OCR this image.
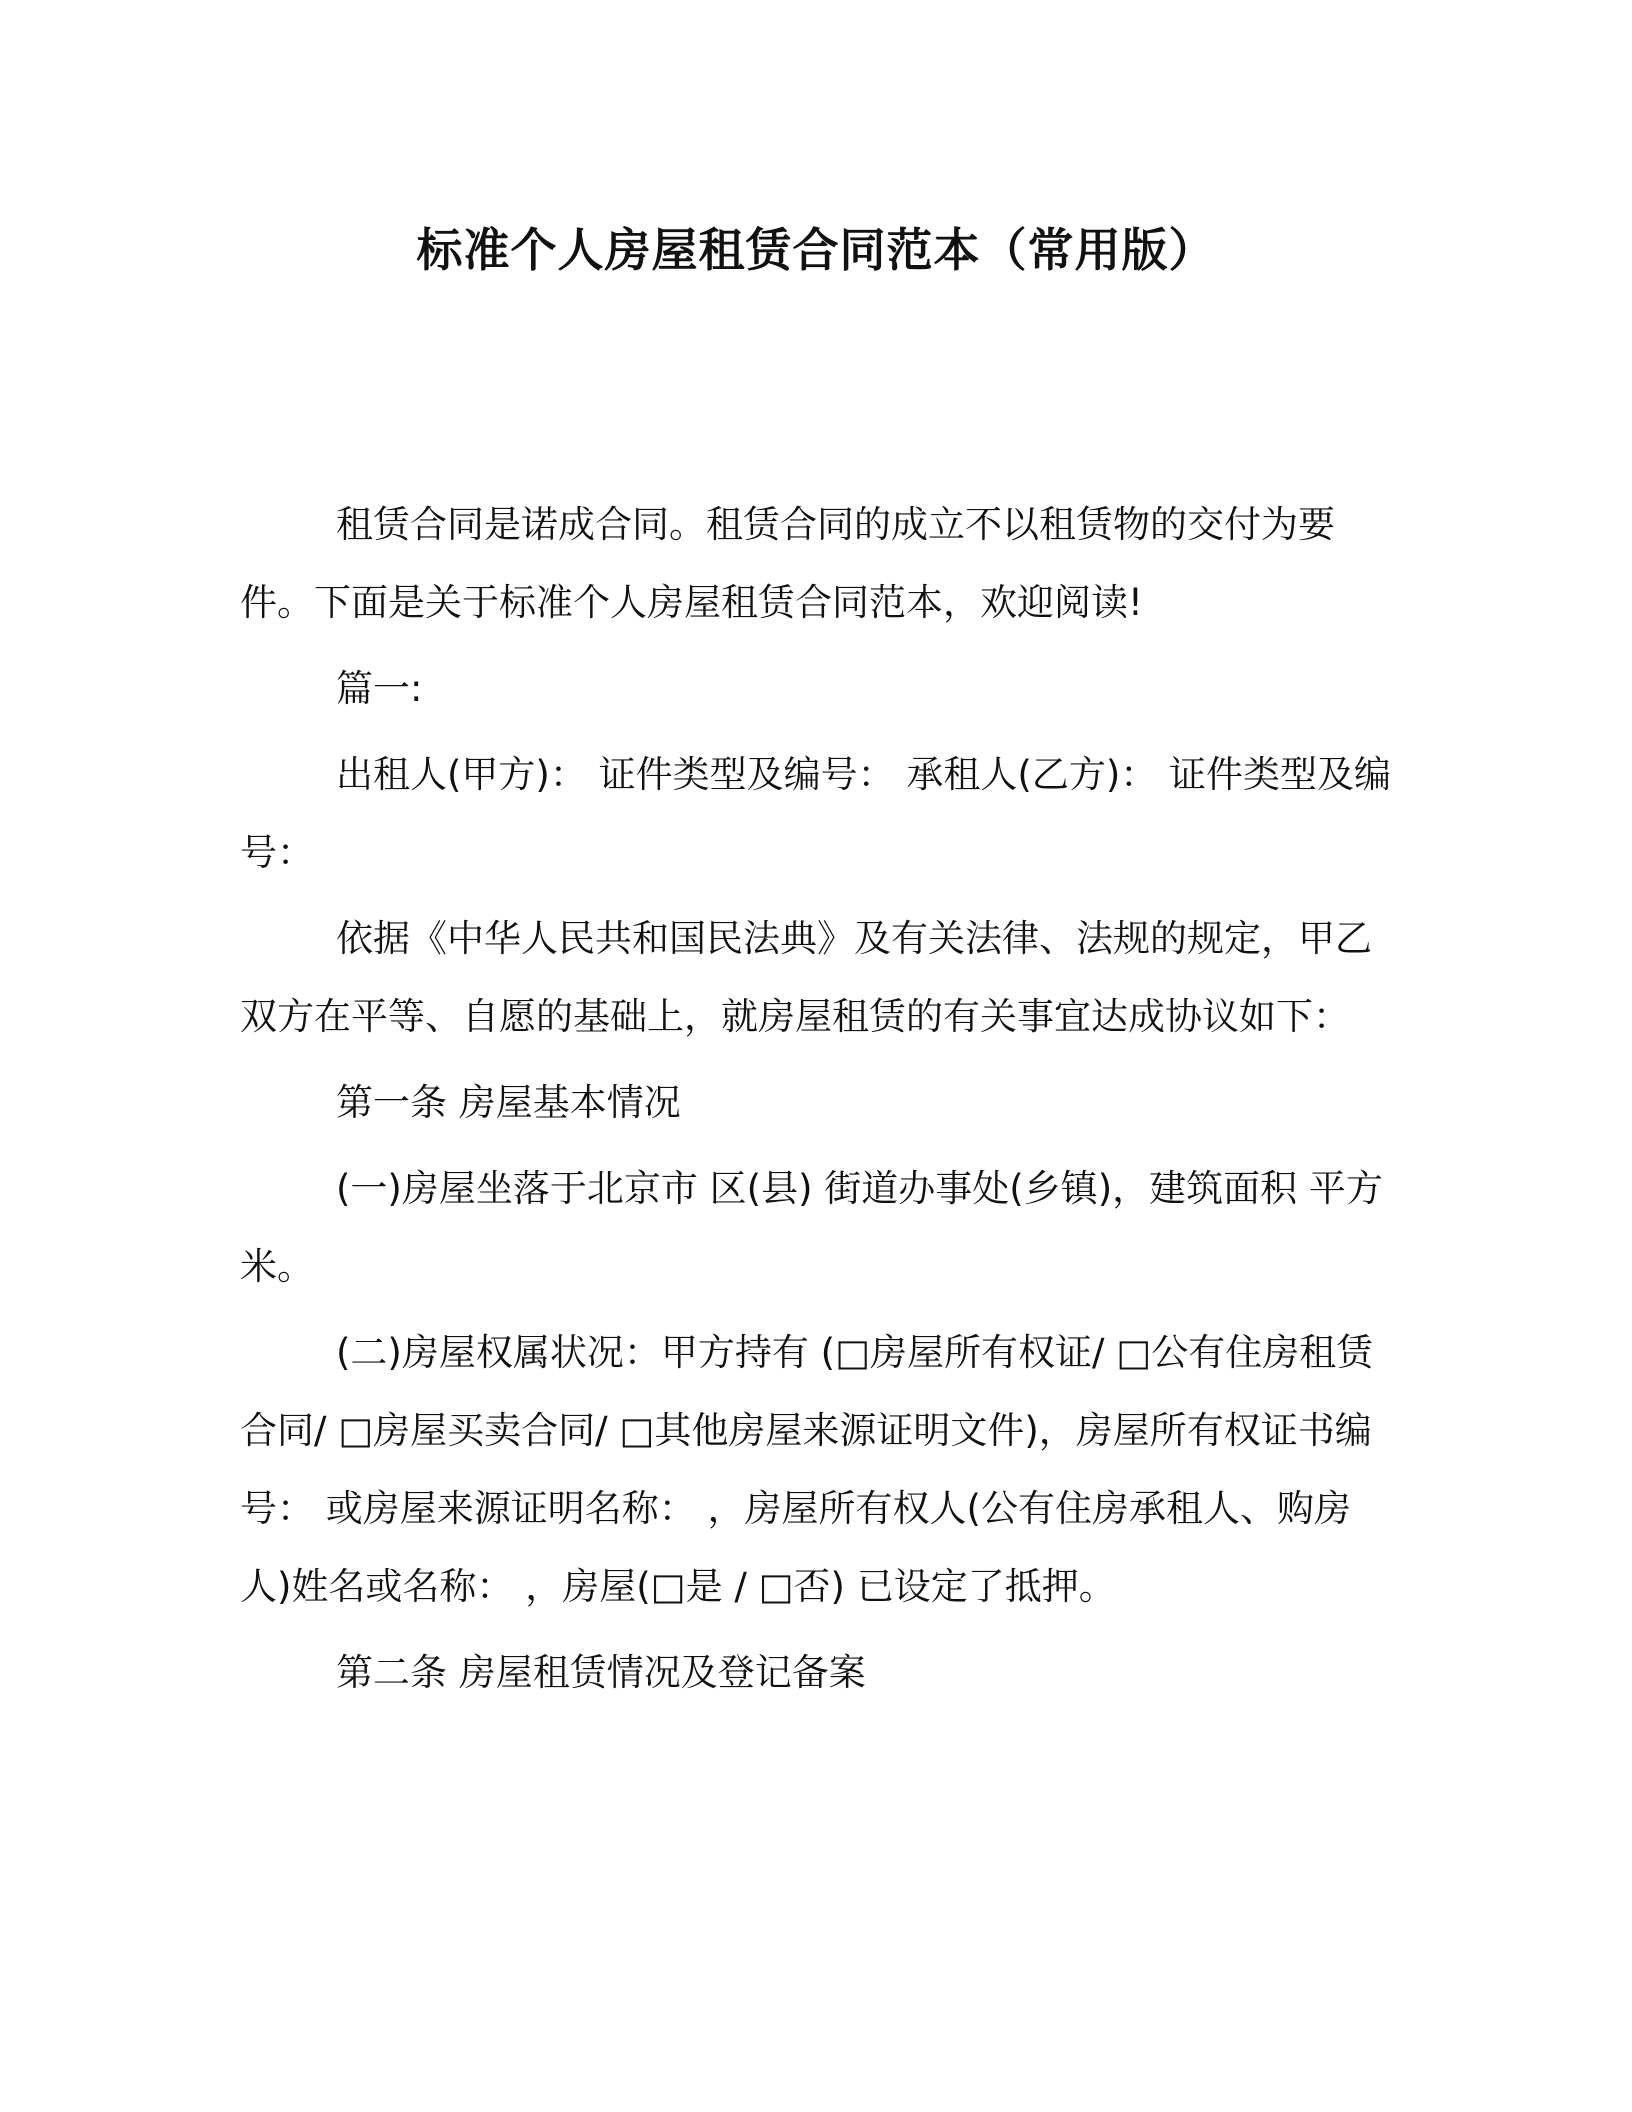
标准个人房屋租赁合同范本（常用版）

租赁合同是诺成合同。租赁合同的成立不以租赁物的交付为要件。下面是关于标准个人房屋租赁合同范本，欢迎阅读!

篇一:

出租人(甲方)： 证件类型及编号： 承租人(乙方)： 证件类型及编号：

依据《中华人民共和国民法典》及有关法律、法规的规定，甲乙双方在平等、自愿的基础上，就房屋租赁的有关事宜达成协议如下：

第一条 房屋基本情况

(一)房屋坐落于北京市 区(县) 街道办事处(乡镇)，建筑面积 平方米。

(二)房屋权属状况：甲方持有 (□房屋所有权证/ □公有住房租赁合同/ □房屋买卖合同/ □其他房屋来源证明文件)，房屋所有权证书编号： 或房屋来源证明名称： ，房屋所有权人(公有住房承租人、购房人)姓名或名称： ，房屋(□是 / □否) 已设定了抵押。

第二条 房屋租赁情况及登记备案
